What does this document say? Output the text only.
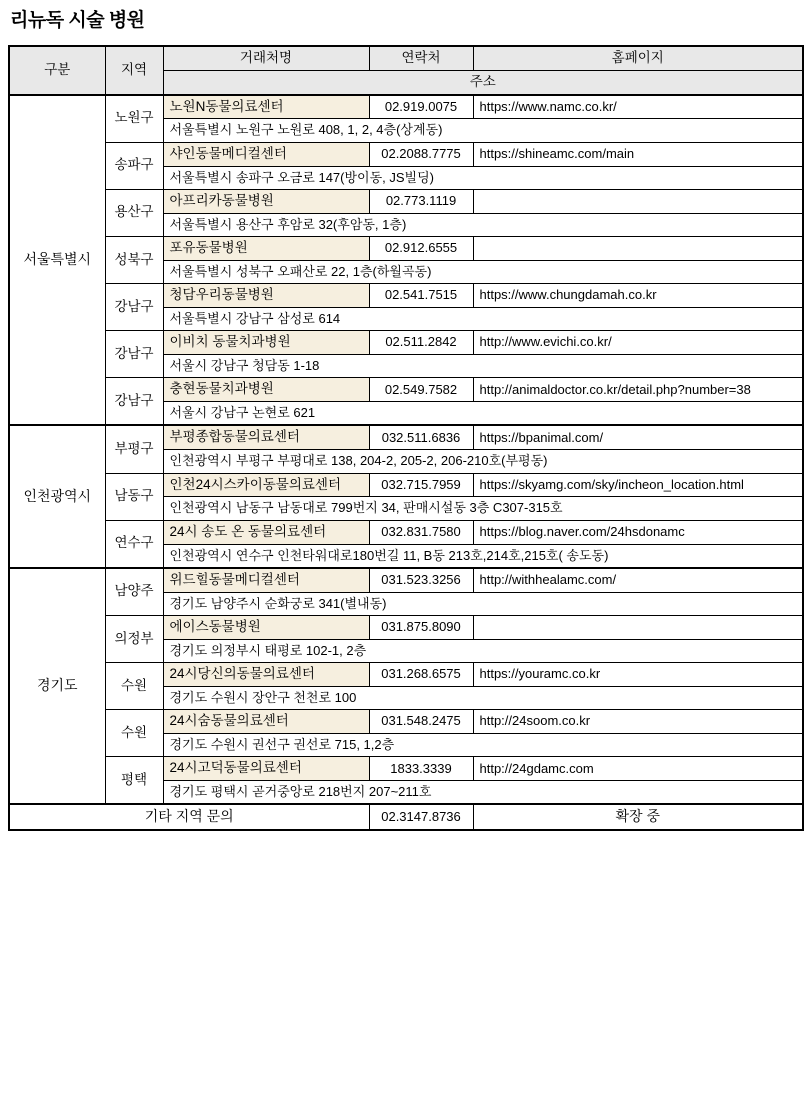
리뉴독 시술 병원
구분	지역	거래처명	연락처	홈페이지
		주소		
서울특별시	노원구	노원N동물의료센터	02.919.0075	https://www.namc.co.kr/
		서울특별시 노원구 노원로 408, 1, 2, 4층(상계동)		
	송파구	샤인동물메디컬센터	02.2088.7775	https://shineamc.com/main
		서울특별시 송파구 오금로 147(방이동, JS빌딩)		
	용산구	아프리카동물병원	02.773.1119	
		서울특별시 용산구 후암로 32(후암동, 1층)		
	성북구	포유동물병원	02.912.6555	
		서울특별시 성북구 오패산로 22, 1층(하월곡동)		
	강남구	청담우리동물병원	02.541.7515	https://www.chungdamah.co.kr
		서울특별시 강남구 삼성로 614		
	강남구	이비치 동물치과병원	02.511.2842	http://www.evichi.co.kr/
		서울시 강남구 청담동 1-18		
	강남구	충현동물치과병원	02.549.7582	http://animaldoctor.co.kr/detail.php?number=38
		서울시 강남구 논현로 621		
인천광역시	부평구	부평종합동물의료센터	032.511.6836	https://bpanimal.com/
		인천광역시 부평구 부평대로 138, 204-2, 205-2, 206-210호(부평동)		
	남동구	인천24시스카이동물의료센터	032.715.7959	https://skyamg.com/sky/incheon_location.html
		인천광역시 남동구 남동대로 799번지 34, 판매시설동 3층 C307-315호		
	연수구	24시 송도 온 동물의료센터	032.831.7580	https://blog.naver.com/24hsdonamc
		인천광역시 연수구 인천타워대로180번길 11, B동 213호,214호,215호( 송도동)		
경기도	남양주	위드힐동물메디컬센터	031.523.3256	http://withhealamc.com/
		경기도 남양주시 순화궁로 341(별내동)		
	의정부	에이스동물병원	031.875.8090	
		경기도 의정부시 태평로 102-1, 2층		
	수원	24시당신의동물의료센터	031.268.6575	https://youramc.co.kr
		경기도 수원시 장안구 천천로 100		
	수원	24시숨동물의료센터	031.548.2475	http://24soom.co.kr
		경기도 수원시 권선구 권선로 715, 1,2층		
	평택	24시고덕동물의료센터	1833.3339	http://24gdamc.com
		경기도 평택시 곧거중앙로 218번지 207~211호		
기타 지역 문의			02.3147.8736	확장 중
